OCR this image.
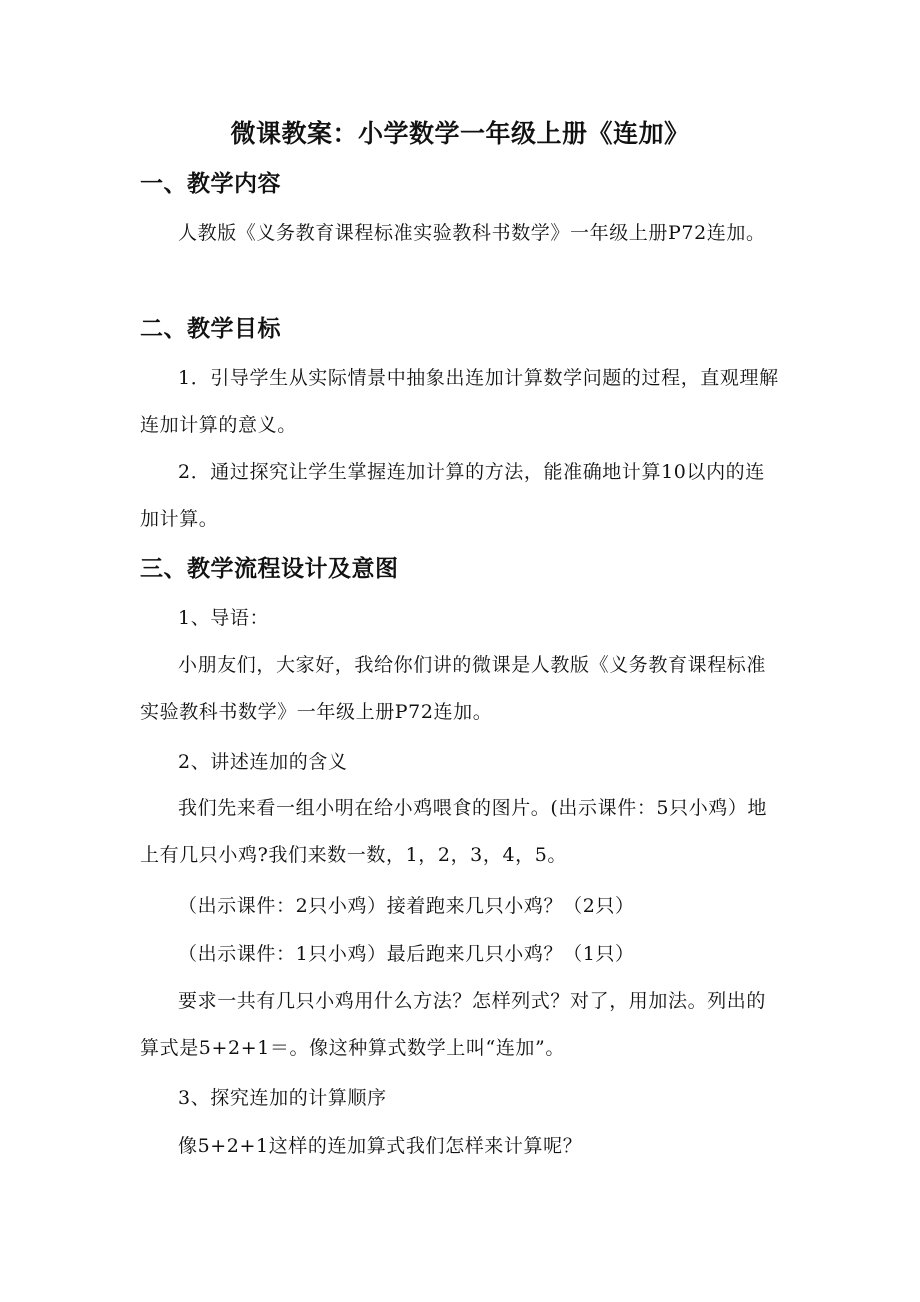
微课教案：小学数学一年级上册《连加》
一、教学内容

人教版《义务教育课程标准实验教科书数学》一年级上册P72连加。

二、教学目标

1．引导学生从实际情景中抽象出连加计算数学问题的过程，直观理解连加计算的意义。

2．通过探究让学生掌握连加计算的方法，能准确地计算10以内的连加计算。

三、教学流程设计及意图

1、导语：

小朋友们，大家好，我给你们讲的微课是人教版《义务教育课程标准实验教科书数学》一年级上册P72连加。

2、讲述连加的含义

我们先来看一组小明在给小鸡喂食的图片。(出示课件：5只小鸡）地上有几只小鸡?我们来数一数，1，2，3，4，5。

（出示课件：2只小鸡）接着跑来几只小鸡？（2只）

（出示课件：1只小鸡）最后跑来几只小鸡？（1只）

要求一共有几只小鸡用什么方法？怎样列式？对了，用加法。列出的算式是5+2+1＝。像这种算式数学上叫“连加”。

3、探究连加的计算顺序

像5+2+1这样的连加算式我们怎样来计算呢？
